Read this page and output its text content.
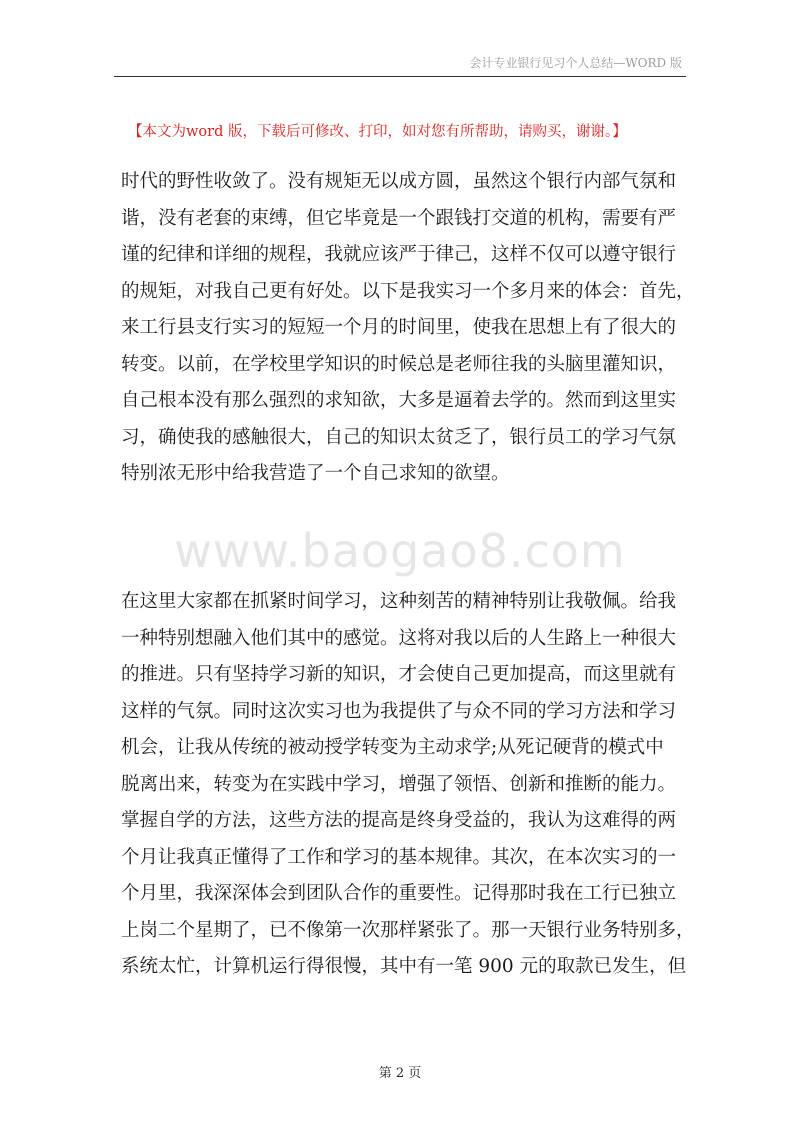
会计专业银行见习个人总结—WORD 版
【本文为word 版，下载后可修改、打印，如对您有所帮助，请购买，谢谢。】
www.baogao8.com
时代的野性收敛了。没有规矩无以成方圆，虽然这个银行内部气氛和
谐，没有老套的束缚，但它毕竟是一个跟钱打交道的机构，需要有严
谨的纪律和详细的规程，我就应该严于律己，这样不仅可以遵守银行
的规矩，对我自己更有好处。以下是我实习一个多月来的体会：首先，
来工行县支行实习的短短一个月的时间里，使我在思想上有了很大的
转变。以前，在学校里学知识的时候总是老师往我的头脑里灌知识，
自己根本没有那么强烈的求知欲，大多是逼着去学的。然而到这里实
习，确使我的感触很大，自己的知识太贫乏了，银行员工的学习气氛
特别浓无形中给我营造了一个自己求知的欲望。
在这里大家都在抓紧时间学习，这种刻苦的精神特别让我敬佩。给我
一种特别想融入他们其中的感觉。这将对我以后的人生路上一种很大
的推进。只有坚持学习新的知识，才会使自己更加提高，而这里就有
这样的气氛。同时这次实习也为我提供了与众不同的学习方法和学习
机会，让我从传统的被动授学转变为主动求学;从死记硬背的模式中
脱离出来，转变为在实践中学习，增强了领悟、创新和推断的能力。
掌握自学的方法，这些方法的提高是终身受益的，我认为这难得的两
个月让我真正懂得了工作和学习的基本规律。其次，在本次实习的一
个月里，我深深体会到团队合作的重要性。记得那时我在工行已独立
上岗二个星期了，已不像第一次那样紧张了。那一天银行业务特别多，
系统太忙，计算机运行得很慢，其中有一笔 900 元的取款已发生，但
第 2 页
